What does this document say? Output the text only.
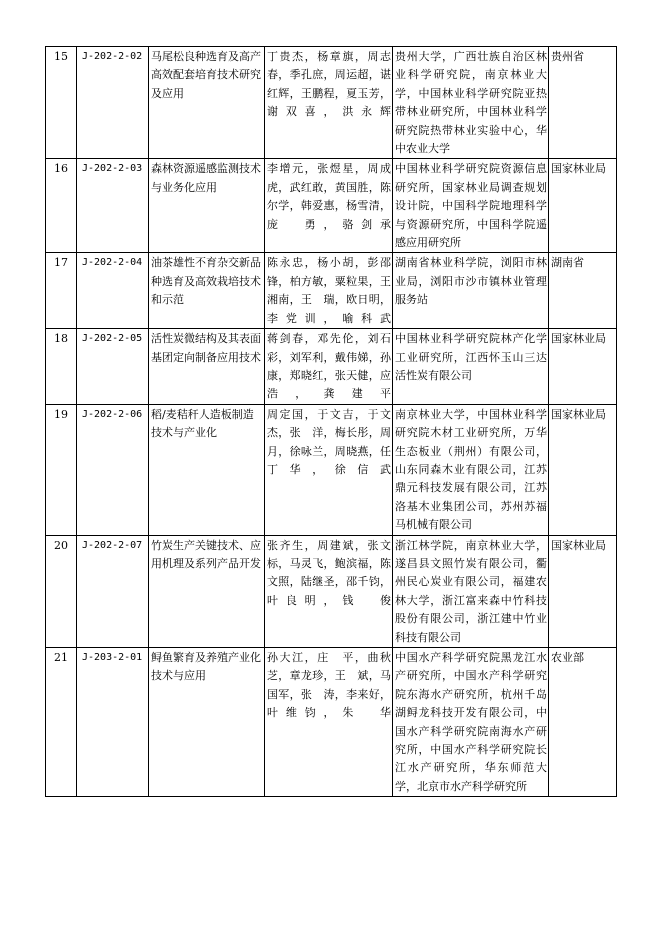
15	J-202-2-02	马尾松良种选育及高产高效配套培育技术研究及应用	丁贵杰，杨章旗，周志春，季孔庶，周运超，谌红辉，王鹏程，夏玉芳，谢双喜，洪永辉	贵州大学，广西壮族自治区林业科学研究院，南京林业大学，中国林业科学研究院亚热带林业研究所，中国林业科学研究院热带林业实验中心，华中农业大学	贵州省
16	J-202-2-03	森林资源遥感监测技术与业务化应用	李增元，张煜星，周成虎，武红敢，黄国胜，陈尔学，韩爱惠，杨雪清，庞　勇，骆剑承	中国林业科学研究院资源信息研究所，国家林业局调查规划设计院，中国科学院地理科学与资源研究所，中国科学院遥感应用研究所	国家林业局
17	J-202-2-04	油茶雄性不育杂交新品种选育及高效栽培技术和示范	陈永忠，杨小胡，彭邵锋，柏方敏，粟粒果，王湘南，王　瑞，欧日明，李党训，喻科武	湖南省林业科学院，浏阳市林业局，浏阳市沙市镇林业管理服务站	湖南省
18	J-202-2-05	活性炭微结构及其表面基团定向制备应用技术	蒋剑春，邓先伦，刘石彩，刘军利，戴伟娣，孙　康，郑晓红，张天健，应　浩，龚建平	中国林业科学研究院林产化学工业研究所，江西怀玉山三达活性炭有限公司	国家林业局
19	J-202-2-06	稻/麦秸秆人造板制造技术与产业化	周定国，于文吉，于文杰，张　洋，梅长彤，周　月，徐咏兰，周晓燕，任丁华，徐信武	南京林业大学，中国林业科学研究院木材工业研究所，万华生态板业（荆州）有限公司，山东同森木业有限公司，江苏鼎元科技发展有限公司，江苏洛基木业集团公司，苏州苏福马机械有限公司	国家林业局
20	J-202-2-07	竹炭生产关键技术、应用机理及系列产品开发	张齐生，周建斌，张文标，马灵飞，鲍滨福，陈文照，陆继圣，邵千钧，叶良明，钱　俊	浙江林学院，南京林业大学，遂昌县文照竹炭有限公司，衢州民心炭业有限公司，福建农林大学，浙江富来森中竹科技股份有限公司，浙江建中竹业科技有限公司	国家林业局
21	J-203-2-01	鲟鱼繁育及养殖产业化技术与应用	孙大江，庄　平，曲秋芝，章龙珍，王　斌，马国军，张　涛，李来好，叶维钧，朱　华	中国水产科学研究院黑龙江水产研究所，中国水产科学研究院东海水产研究所，杭州千岛湖鲟龙科技开发有限公司，中国水产科学研究院南海水产研究所，中国水产科学研究院长江水产研究所，华东师范大学，北京市水产科学研究所	农业部
